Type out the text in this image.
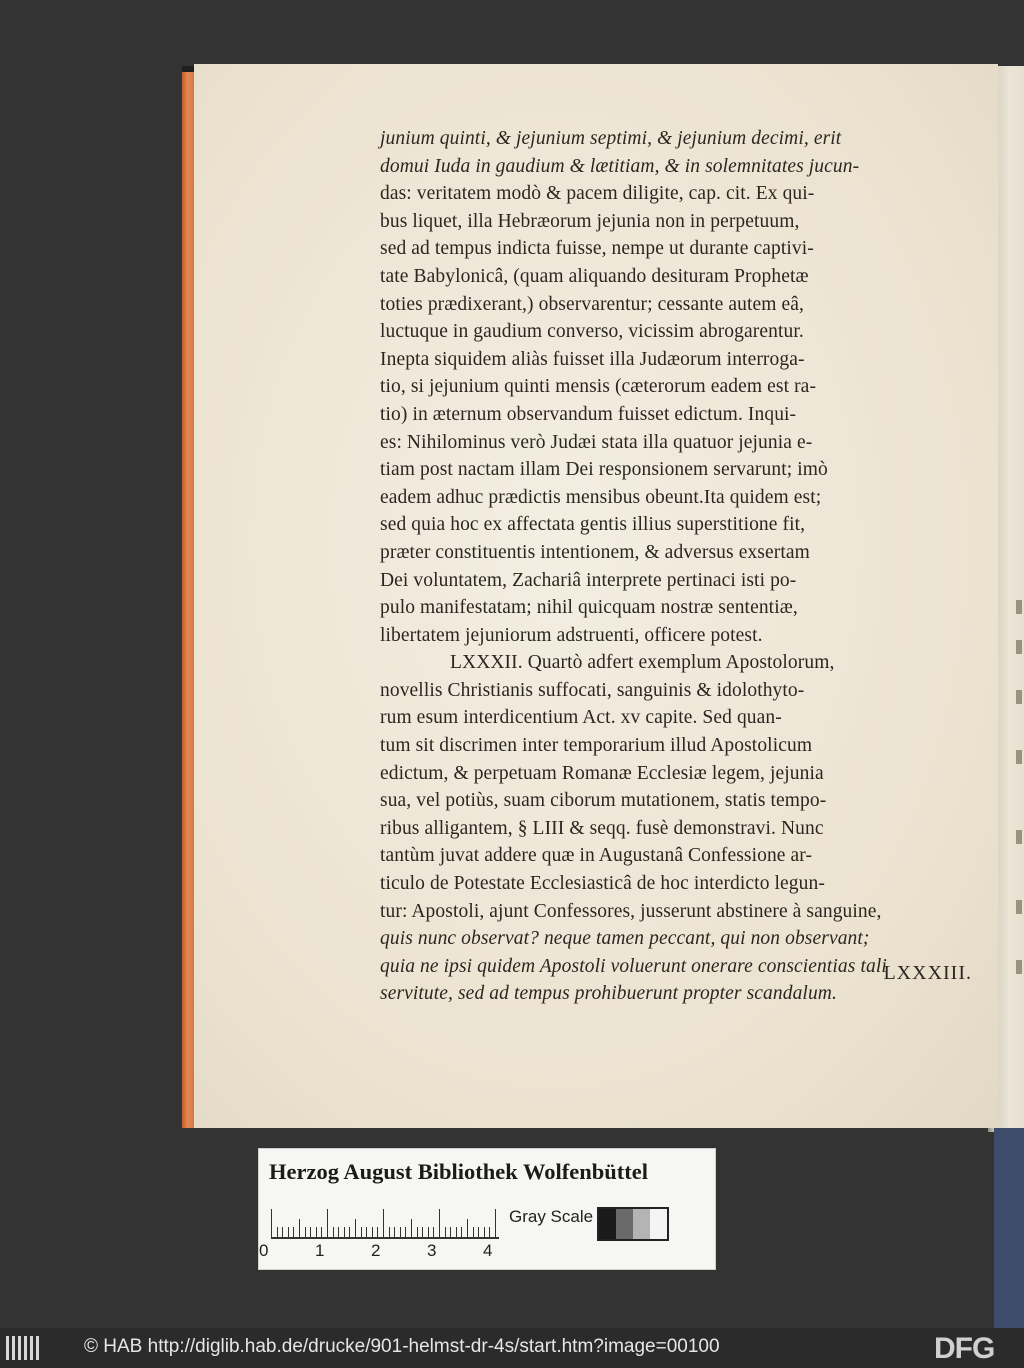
junium quinti, & jejunium septimi, & jejunium decimi, erit
domui Iuda in gaudium & lætitiam, & in solemnitates jucun-
das: veritatem modò & pacem diligite, cap. cit. Ex qui-
bus liquet, illa Hebræorum jejunia non in perpetuum,
sed ad tempus indicta fuisse, nempe ut durante captivi-
tate Babylonicâ, (quam aliquando desituram Prophetæ
toties prædixerant,) observarentur; cessante autem eâ,
luctuque in gaudium converso, vicissim abrogarentur.
Inepta siquidem aliàs fuisset illa Judæorum interroga-
tio, si jejunium quinti mensis (cæterorum eadem est ra-
tio) in æternum observandum fuisset edictum. Inqui-
es: Nihilominus verò Judæi stata illa quatuor jejunia e-
tiam post nactam illam Dei responsionem servarunt; imò
eadem adhuc prædictis mensibus obeunt.Ita quidem est;
sed quia hoc ex affectata gentis illius superstitione fit,
præter constituentis intentionem, & adversus exsertam
Dei voluntatem, Zachariâ interprete pertinaci isti po-
pulo manifestatam; nihil quicquam nostræ sententiæ,
libertatem jejuniorum adstruenti, officere potest.
LXXXII. Quartò adfert exemplum Apostolorum,
novellis Christianis suffocati, sanguinis & idolothyto-
rum esum interdicentium Act. xv capite. Sed quan-
tum sit discrimen inter temporarium illud Apostolicum
edictum, & perpetuam Romanæ Ecclesiæ legem, jejunia
sua, vel potiùs, suam ciborum mutationem, statis tempo-
ribus alligantem, § LIII & seqq. fusè demonstravi. Nunc
tantùm juvat addere quæ in Augustanâ Confessione ar-
ticulo de Potestate Ecclesiasticâ de hoc interdicto legun-
tur: Apostoli, ajunt Confessores, jusserunt abstinere à sanguine,
quis nunc observat? neque tamen peccant, qui non observant;
quia ne ipsi quidem Apostoli voluerunt onerare conscientias tali
servitute, sed ad tempus prohibuerunt propter scandalum.
LXXXIII.
Herzog August Bibliothek Wolfenbüttel
0	1	2	3	4
Gray Scale
© HAB http://diglib.hab.de/drucke/901-helmst-dr-4s/start.htm?image=00100	DFG
